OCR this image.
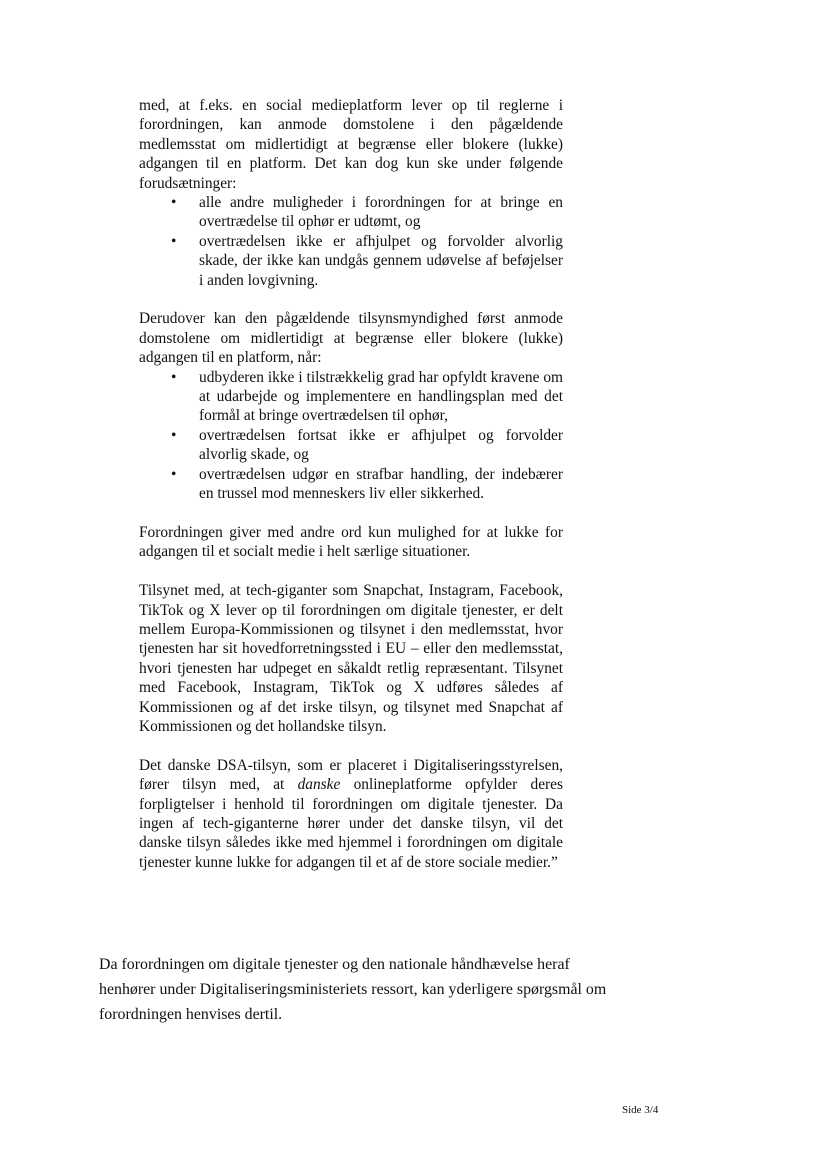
med, at f.eks. en social medieplatform lever op til reglerne i forordningen, kan anmode domstolene i den pågældende medlemsstat om midlertidigt at begrænse eller blokere (lukke) adgangen til en platform. Det kan dog kun ske under følgende forudsætninger:

• alle andre muligheder i forordningen for at bringe en overtrædelse til ophør er udtømt, og
• overtrædelsen ikke er afhjulpet og forvolder alvorlig skade, der ikke kan undgås gennem udøvelse af beføjelser i anden lovgivning.

Derudover kan den pågældende tilsynsmyndighed først anmode domstolene om midlertidigt at begrænse eller blokere (lukke) adgangen til en platform, når:

• udbyderen ikke i tilstrækkelig grad har opfyldt kravene om at udarbejde og implementere en handlingsplan med det formål at bringe overtrædelsen til ophør,
• overtrædelsen fortsat ikke er afhjulpet og forvolder alvorlig skade, og
• overtrædelsen udgør en strafbar handling, der indebærer en trussel mod menneskers liv eller sikkerhed.

Forordningen giver med andre ord kun mulighed for at lukke for adgangen til et socialt medie i helt særlige situationer.

Tilsynet med, at tech-giganter som Snapchat, Instagram, Facebook, TikTok og X lever op til forordningen om digitale tjenester, er delt mellem Europa-Kommissionen og tilsynet i den medlemsstat, hvor tjenesten har sit hovedforretningssted i EU – eller den medlemsstat, hvori tjenesten har udpeget en såkaldt retlig repræsentant. Tilsynet med Facebook, Instagram, TikTok og X udføres således af Kommissionen og af det irske tilsyn, og tilsynet med Snapchat af Kommissionen og det hollandske tilsyn.

Det danske DSA-tilsyn, som er placeret i Digitaliseringsstyrelsen, fører tilsyn med, at danske onlineplatforme opfylder deres forpligtelser i henhold til forordningen om digitale tjenester. Da ingen af tech-giganterne hører under det danske tilsyn, vil det danske tilsyn således ikke med hjemmel i forordningen om digitale tjenester kunne lukke for adgangen til et af de store sociale medier.”

Da forordningen om digitale tjenester og den nationale håndhævelse heraf henhører under Digitaliseringsministeriets ressort, kan yderligere spørgsmål om forordningen henvises dertil.

Side 3/4
